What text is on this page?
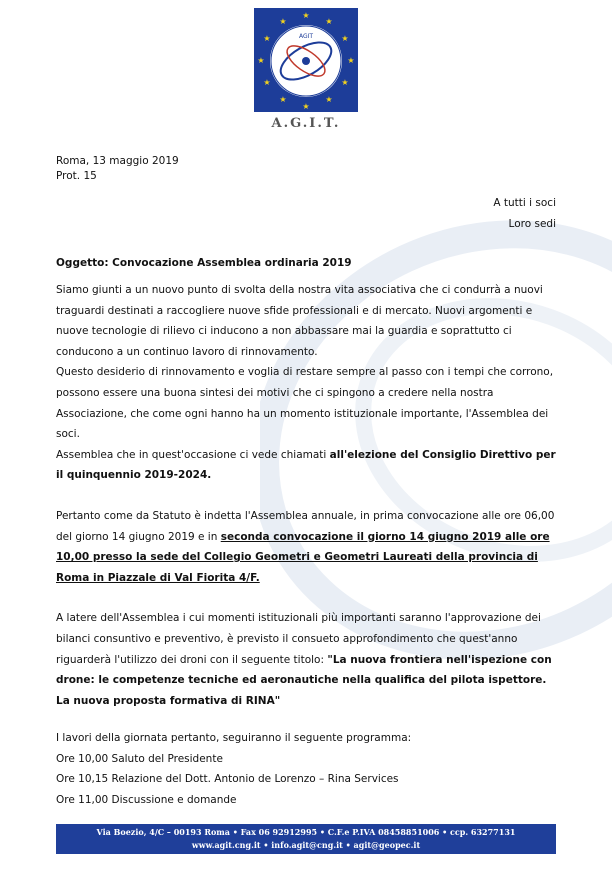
★
★
★
★
★
★
★
★
★
★
★
★
AGIT
A.G.I.T.
Roma, 13 maggio 2019
Prot. 15
A tutti i soci
Loro sedi
Oggetto: Convocazione Assemblea ordinaria 2019

Siamo giunti a un nuovo punto di svolta della nostra vita associativa che ci condurrà a nuovi traguardi destinati a raccogliere nuove sfide professionali e di mercato. Nuovi argomenti e nuove tecnologie di rilievo ci inducono a non abbassare mai la guardia e soprattutto ci conducono a un continuo lavoro di rinnovamento.

Questo desiderio di rinnovamento e voglia di restare sempre al passo con i tempi che corrono, possono essere una buona sintesi dei motivi che ci spingono a credere nella nostra Associazione, che come ogni hanno ha un momento istituzionale importante, l'Assemblea dei soci.

Assemblea che in quest'occasione ci vede chiamati all'elezione del Consiglio Direttivo per il quinquennio 2019-2024.

Pertanto come da Statuto è indetta l'Assemblea annuale, in prima convocazione alle ore 06,00 del giorno 14 giugno 2019 e in seconda convocazione il giorno 14 giugno 2019 alle ore 10,00 presso la sede del Collegio Geometri e Geometri Laureati della provincia di Roma in Piazzale di Val Fiorita 4/F.

A latere dell'Assemblea i cui momenti istituzionali più importanti saranno l'approvazione dei bilanci consuntivo e preventivo, è previsto il consueto approfondimento che quest'anno riguarderà l'utilizzo dei droni con il seguente titolo: "La nuova frontiera nell'ispezione con drone: le competenze tecniche ed aeronautiche nella qualifica del pilota ispettore. La nuova proposta formativa di RINA"

I lavori della giornata pertanto, seguiranno il seguente programma:

Ore 10,00 Saluto del Presidente

Ore 10,15 Relazione del Dott. Antonio de Lorenzo – Rina Services

Ore 11,00 Discussione e domande

Via Boezio, 4/C – 00193 Roma • Fax 06 92912995 • C.F.e P.IVA 08458851006 • ccp. 63277131
www.agit.cng.it • info.agit@cng.it • agit@geopec.it
